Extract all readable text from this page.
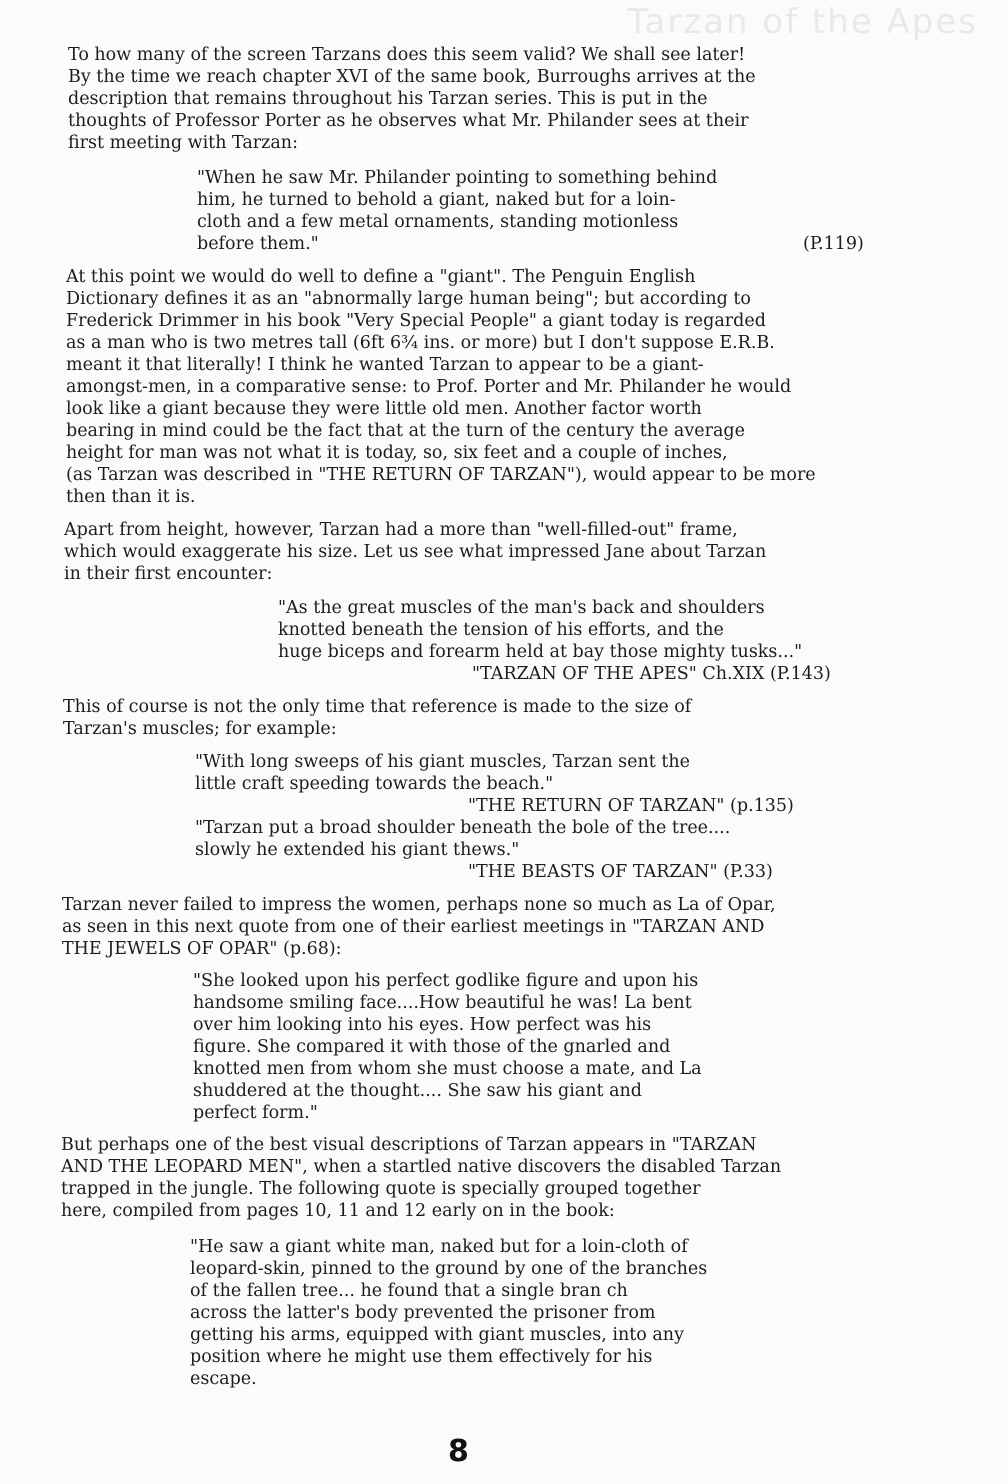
Tarzan of the Apes
To how many of the screen Tarzans does this seem valid? We shall see later!
By the time we reach chapter XVI of the same book, Burroughs arrives at the
description that remains throughout his Tarzan series. This is put in the
thoughts of Professor Porter as he observes what Mr. Philander sees at their
first meeting with Tarzan:
"When he saw Mr. Philander pointing to something behind
him, he turned to behold a giant, naked but for a loin-
cloth and a few metal ornaments, standing motionless
before them."	(P.119)
At this point we would do well to define a "giant". The Penguin English
Dictionary defines it as an "abnormally large human being"; but according to
Frederick Drimmer in his book "Very Special People" a giant today is regarded
as a man who is two metres tall (6ft 6¾ ins. or more) but I don't suppose E.R.B.
meant it that literally! I think he wanted Tarzan to appear to be a giant-
amongst-men, in a comparative sense: to Prof. Porter and Mr. Philander he would
look like a giant because they were little old men. Another factor worth
bearing in mind could be the fact that at the turn of the century the average
height for man was not what it is today, so, six feet and a couple of inches,
(as Tarzan was described in "THE RETURN OF TARZAN"), would appear to be more
then than it is.
Apart from height, however, Tarzan had a more than "well-filled-out" frame,
which would exaggerate his size. Let us see what impressed Jane about Tarzan
in their first encounter:
"As the great muscles of the man's back and shoulders
knotted beneath the tension of his efforts, and the
huge biceps and forearm held at bay those mighty tusks..."
"TARZAN OF THE APES" Ch.XIX (P.143)
This of course is not the only time that reference is made to the size of
Tarzan's muscles; for example:
"With long sweeps of his giant muscles, Tarzan sent the
little craft speeding towards the beach."
"THE RETURN OF TARZAN" (p.135)
"Tarzan put a broad shoulder beneath the bole of the tree....
slowly he extended his giant thews."
"THE BEASTS OF TARZAN" (P.33)
Tarzan never failed to impress the women, perhaps none so much as La of Opar,
as seen in this next quote from one of their earliest meetings in "TARZAN AND
THE JEWELS OF OPAR" (p.68):
"She looked upon his perfect godlike figure and upon his
handsome smiling face....How beautiful he was! La bent
over him looking into his eyes. How perfect was his
figure. She compared it with those of the gnarled and
knotted men from whom she must choose a mate, and La
shuddered at the thought.... She saw his giant and
perfect form."
But perhaps one of the best visual descriptions of Tarzan appears in "TARZAN
AND THE LEOPARD MEN", when a startled native discovers the disabled Tarzan
trapped in the jungle. The following quote is specially grouped together
here, compiled from pages 10, 11 and 12 early on in the book:
"He saw a giant white man, naked but for a loin-cloth of
leopard-skin, pinned to the ground by one of the branches
of the fallen tree... he found that a single bran ch
across the latter's body prevented the prisoner from
getting his arms, equipped with giant muscles, into any
position where he might use them effectively for his
escape.
8
